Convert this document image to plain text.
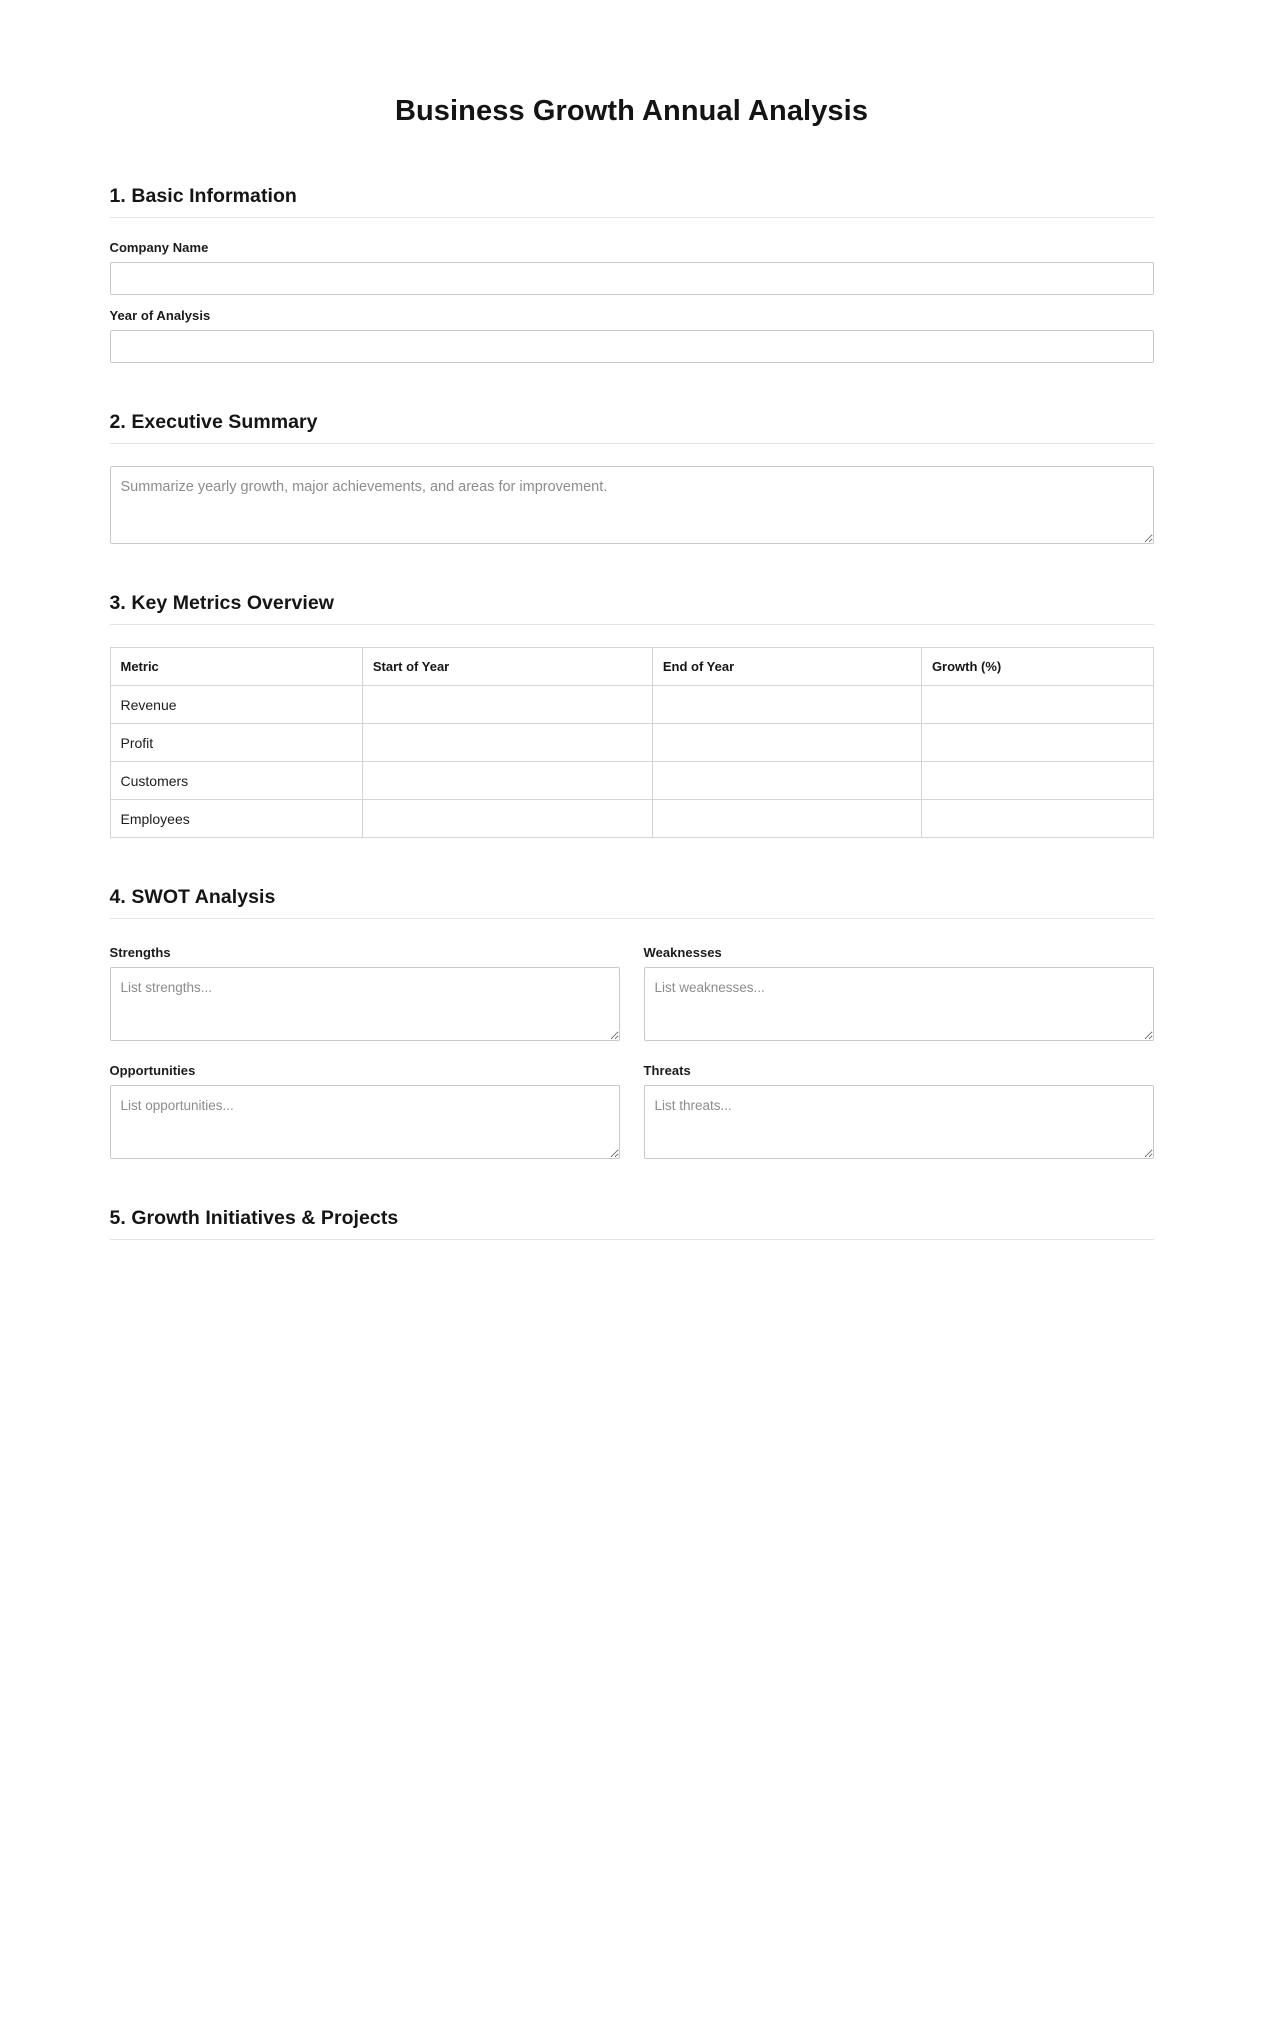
Business Growth Annual Analysis
1. Basic Information
Company Name
Year of Analysis
2. Executive Summary
Summarize yearly growth, major achievements, and areas for improvement.
3. Key Metrics Overview
Metric	Start of Year	End of Year	Growth (%)
Revenue			
Profit			
Customers			
Employees			
4. SWOT Analysis
Strengths
List strengths...	Weaknesses
List weaknesses...
Opportunities
List opportunities...	Threats
List threats...
5. Growth Initiatives & Projects
